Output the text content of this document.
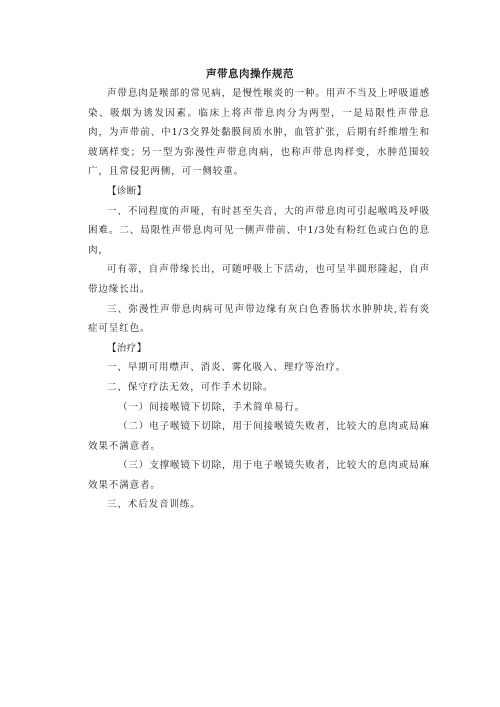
声带息肉操作规范

声带息肉是喉部的常见病，是慢性喉炎的一种。用声不当及上呼吸道感染、吸烟为诱发因素。临床上将声带息肉分为两型，一是局限性声带息肉，为声带前、中1/3交界处黏膜间质水肿，血管扩张，后期有纤维增生和玻璃样变；另一型为弥漫性声带息肉病，也称声带息肉样变，水肿范围较广，且常侵犯两侧，可一侧较重。

【诊断】

一、不同程度的声哑，有时甚至失音，大的声带息肉可引起喉鸣及呼吸困难。二、局限性声带息肉可见一侧声带前、中1/3处有粉红色或白色的息肉，

可有蒂，自声带缘长出，可随呼吸上下活动，也可呈半圆形隆起，自声带边缘长出。

三、弥漫性声带息肉病可见声带边缘有灰白色香肠状水肿肿块,若有炎症可呈红色。

【治疗】

一、早期可用噤声、消炎、雾化吸入、理疗等治疗。

二、保守疗法无效，可作手术切除。

（一）间接喉镜下切除，手术简单易行。

（二）电子喉镜下切除，用于间接喉镜失败者，比较大的息肉或局麻效果不满意者。

（三）支撑喉镜下切除，用于电子喉镜失败者，比较大的息肉或局麻效果不满意者。

三、术后发音训练。
